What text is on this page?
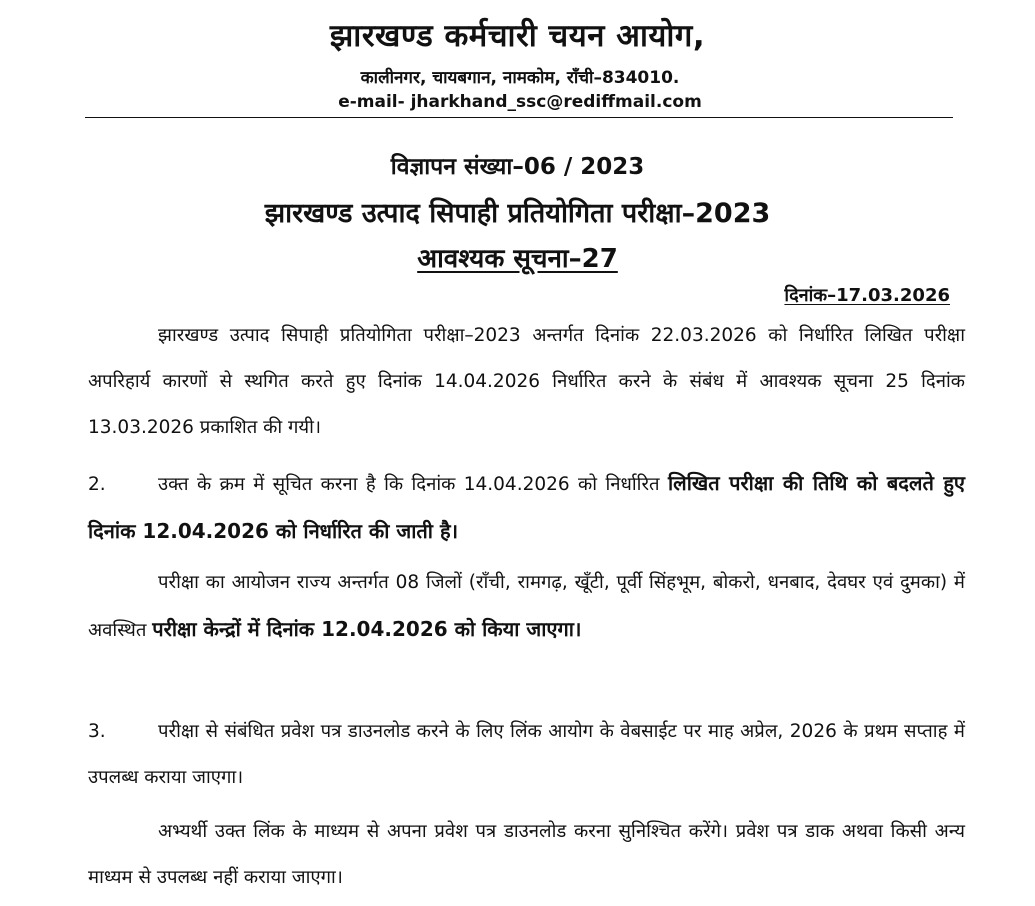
झारखण्ड कर्मचारी चयन आयोग,
कालीनगर, चायबगान, नामकोम, राँची–834010.
e-mail- jharkhand_ssc@rediffmail.com
विज्ञापन संख्या–06 / 2023
झारखण्ड उत्पाद सिपाही प्रतियोगिता परीक्षा–2023
आवश्यक सूचना–27
दिनांक–17.03.2026
झारखण्ड उत्पाद सिपाही प्रतियोगिता परीक्षा–2023 अन्तर्गत दिनांक 22.03.2026 को निर्धारित लिखित परीक्षा अपरिहार्य कारणों से स्थगित करते हुए दिनांक 14.04.2026 निर्धारित करने के संबंध में आवश्यक सूचना 25 दिनांक 13.03.2026 प्रकाशित की गयी।
2.	उक्त के क्रम में सूचित करना है कि दिनांक 14.04.2026 को निर्धारित लिखित परीक्षा की तिथि को बदलते हुए दिनांक 12.04.2026 को निर्धारित की जाती है।
परीक्षा का आयोजन राज्य अन्तर्गत 08 जिलों (राँची, रामगढ़, खूँटी, पूर्वी सिंहभूम, बोकरो, धनबाद, देवघर एवं दुमका) में अवस्थित परीक्षा केन्द्रों में दिनांक 12.04.2026 को किया जाएगा।
3.	परीक्षा से संबंधित प्रवेश पत्र डाउनलोड करने के लिए लिंक आयोग के वेबसाईट पर माह अप्रेल, 2026 के प्रथम सप्ताह में उपलब्ध कराया जाएगा।
अभ्यर्थी उक्त लिंक के माध्यम से अपना प्रवेश पत्र डाउनलोड करना सुनिश्चित करेंगे। प्रवेश पत्र डाक अथवा किसी अन्य माध्यम से उपलब्ध नहीं कराया जाएगा।
